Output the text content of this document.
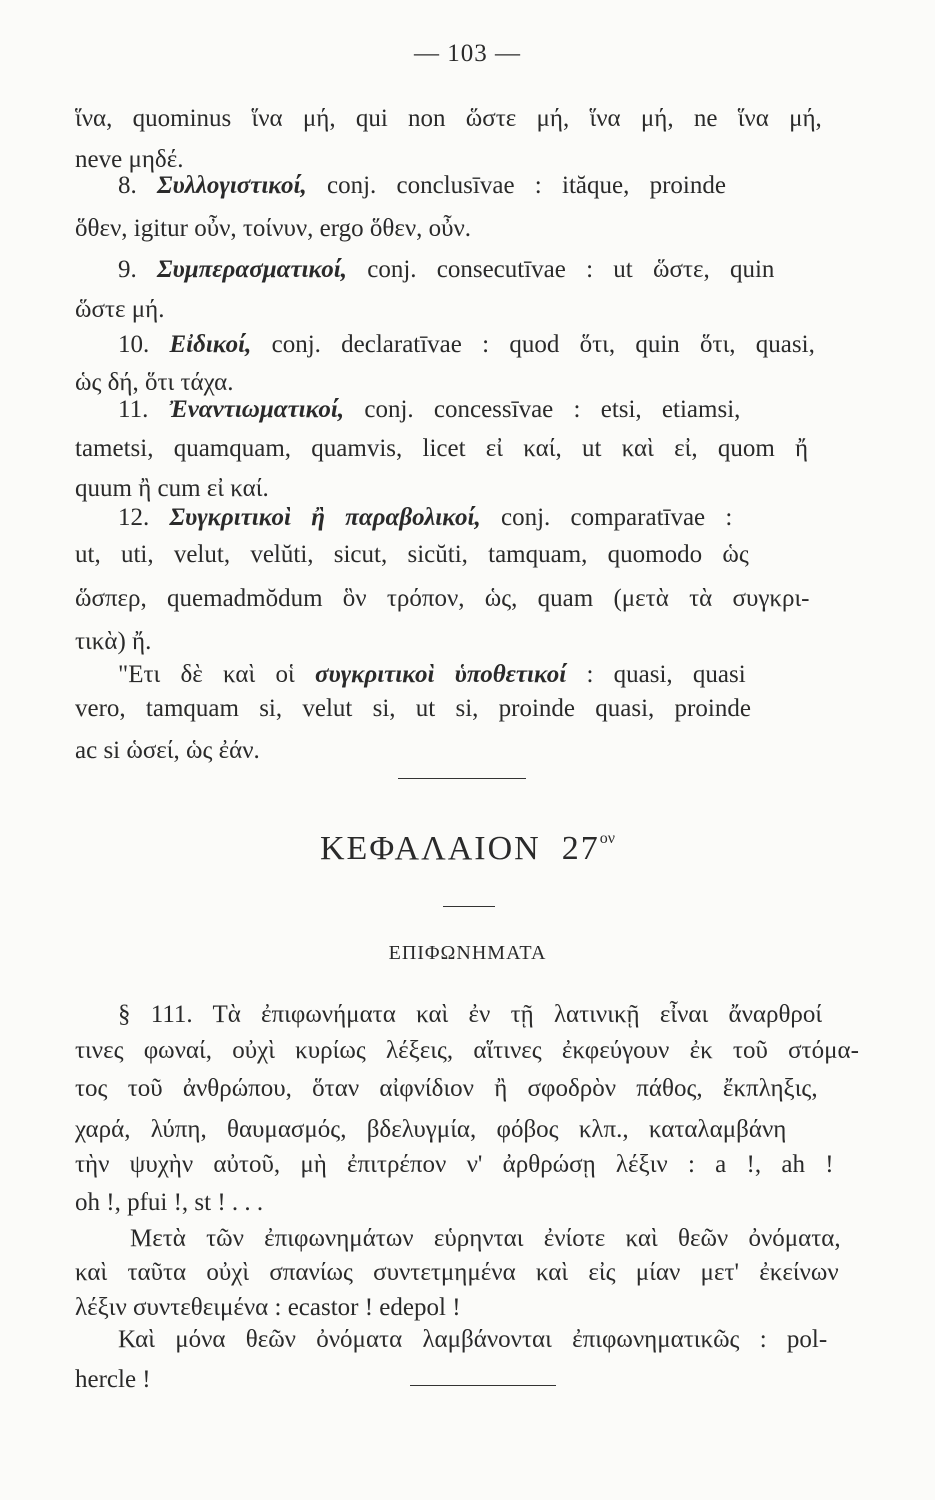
— 103 —
ἵνα, quominus ἵνα μή, qui non ὥστε μή, ἵνα μή, ne ἵνα μή,
neve μηδέ.
8. Συλλογιστικοί, conj. conclusīvae : ităque, proinde
ὅθεν, igitur οὖν, τοίνυν, ergo ὅθεν, οὖν.
9. Συμπερασματικοί, conj. consecutīvae : ut ὥστε, quin
ὥστε μή.
10. Εἰδικοί, conj. declaratīvae : quod ὅτι, quin ὅτι, quasi,
ὡς δή, ὅτι τάχα.
11. Ἐναντιωματικοί, conj. concessīvae : etsi, etiamsi,
tametsi, quamquam, quamvis, licet εἰ καί, ut καὶ εἰ, quom ἤ
quum ἢ cum εἰ καί.
12. Συγκριτικοὶ ἢ παραβολικοί, conj. comparatīvae :
ut, uti, velut, velŭti, sicut, sicŭti, tamquam, quomodo ὡς
ὥσπερ, quemadmŏdum ὃν τρόπον, ὡς, quam (μετὰ τὰ συγκρι-
τικὰ) ἤ.
"Ετι δὲ καὶ οἱ συγκριτικοὶ ὑποθετικοί : quasi, quasi
vero, tamquam si, velut si, ut si, proinde quasi, proinde
ac si ὡσεί, ὡς ἐάν.
ΚΕΦΑΛΑΙΟΝ $27^{o\nu}$
ΕΠΙΦΩΝΗΜΑΤΑ
§ 111. Τὰ ἐπιφωνήματα καὶ ἐν τῇ λατινικῇ εἶναι ἄναρθροί
τινες φωναί, οὐχὶ κυρίως λέξεις, αἵτινες ἐκφεύγουν ἐκ τοῦ στόμα-
τος τοῦ ἀνθρώπου, ὅταν αἰφνίδιον ἢ σφοδρὸν πάθος, ἔκπληξις,
χαρά, λύπη, θαυμασμός, βδελυγμία, φόβος κλπ., καταλαμβάνη
τὴν ψυχὴν αὐτοῦ, μὴ ἐπιτρέπον ν' ἀρθρώσῃ λέξιν : a !, ah !
oh !, pfui !, st ! . . .
Μετὰ τῶν ἐπιφωνημάτων εὑρηνται ἐνίοτε καὶ θεῶν ὀνόματα,
καὶ ταῦτα οὐχὶ σπανίως συντετμημένα καὶ εἰς μίαν μετ' ἐκείνων
λέξιν συντεθειμένα : ecastor ! edepol !
Καὶ μόνα θεῶν ὀνόματα λαμβάνονται ἐπιφωνηματικῶς : pol-
hercle !
